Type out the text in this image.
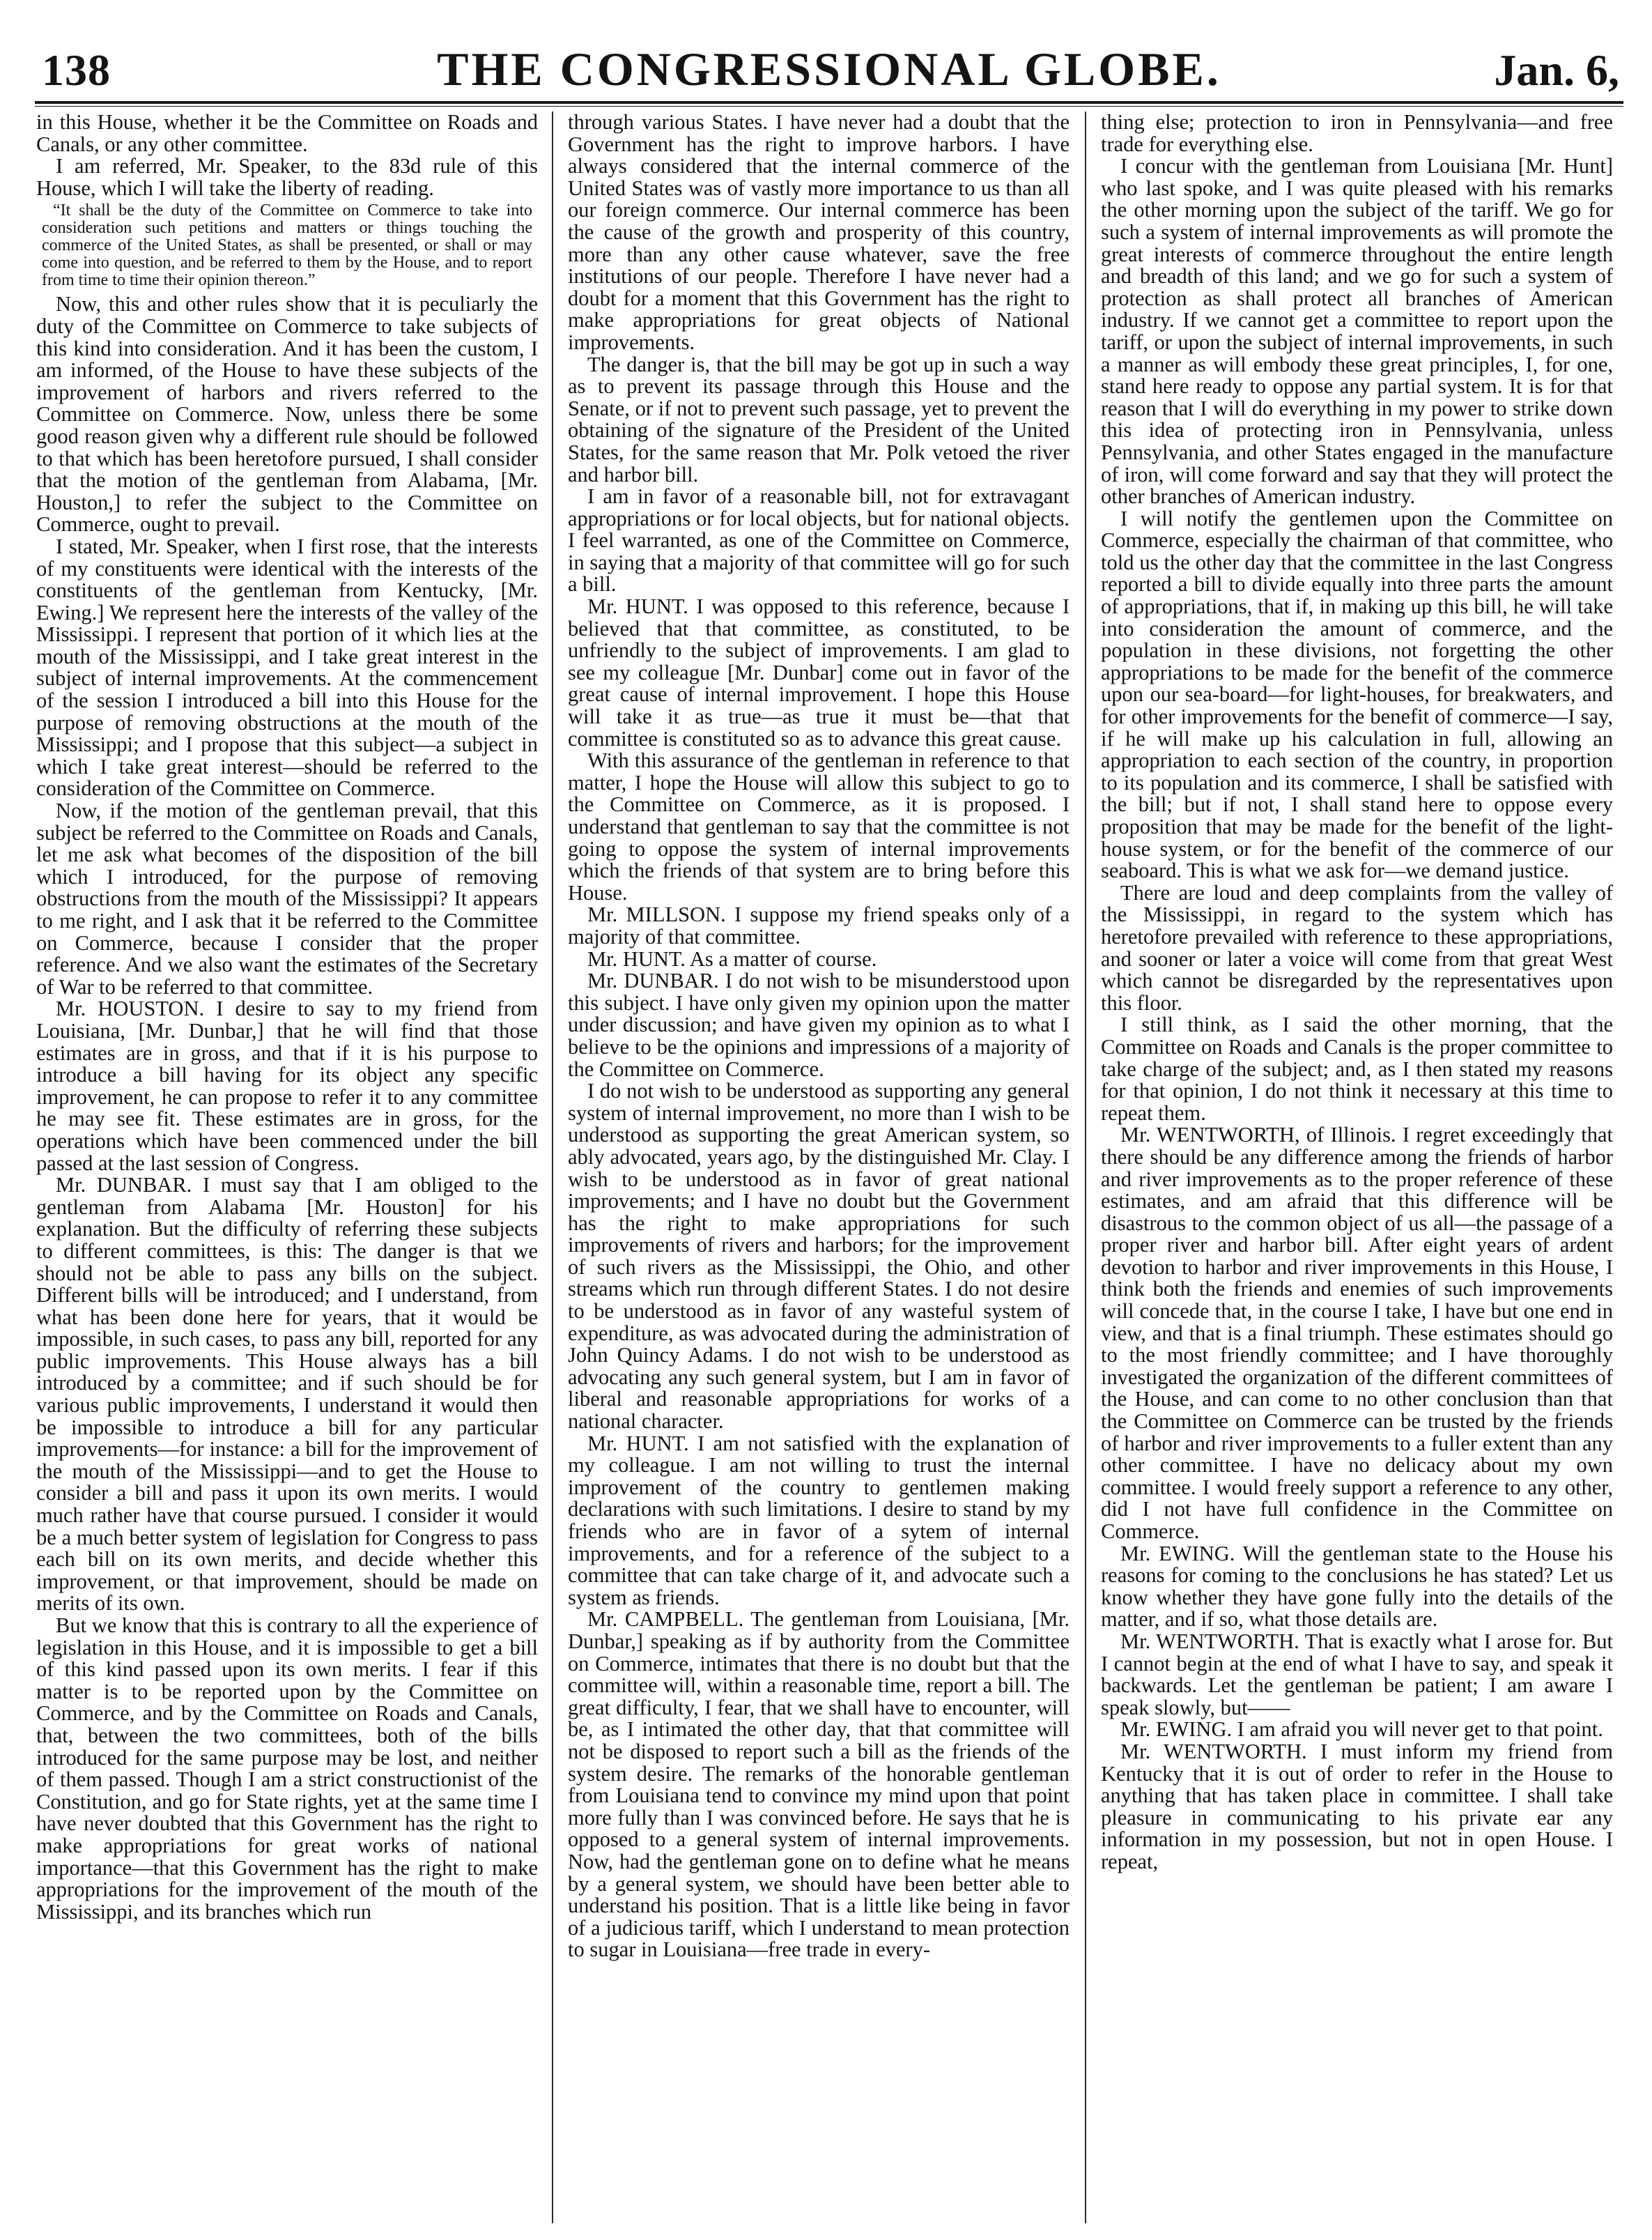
138	THE CONGRESSIONAL GLOBE.	Jan. 6,

in this House, whether it be the Committee on Roads and Canals, or any other committee.

I am referred, Mr. Speaker, to the 83d rule of this House, which I will take the liberty of reading.

“It shall be the duty of the Committee on Commerce to take into consideration such petitions and matters or things touching the commerce of the United States, as shall be presented, or shall or may come into question, and be referred to them by the House, and to report from time to time their opinion thereon.”

Now, this and other rules show that it is peculiarly the duty of the Committee on Commerce to take subjects of this kind into consideration. And it has been the custom, I am informed, of the House to have these subjects of the improvement of harbors and rivers referred to the Committee on Commerce. Now, unless there be some good reason given why a different rule should be followed to that which has been heretofore pursued, I shall consider that the motion of the gentleman from Alabama, [Mr. Houston,] to refer the subject to the Committee on Commerce, ought to prevail.

I stated, Mr. Speaker, when I first rose, that the interests of my constituents were identical with the interests of the constituents of the gentleman from Kentucky, [Mr. Ewing.] We represent here the interests of the valley of the Mississippi. I represent that portion of it which lies at the mouth of the Mississippi, and I take great interest in the subject of internal improvements. At the commencement of the session I introduced a bill into this House for the purpose of removing obstructions at the mouth of the Mississippi; and I propose that this subject—a subject in which I take great interest—should be referred to the consideration of the Committee on Commerce.

Now, if the motion of the gentleman prevail, that this subject be referred to the Committee on Roads and Canals, let me ask what becomes of the disposition of the bill which I introduced, for the purpose of removing obstructions from the mouth of the Mississippi? It appears to me right, and I ask that it be referred to the Committee on Commerce, because I consider that the proper reference. And we also want the estimates of the Secretary of War to be referred to that committee.

Mr. HOUSTON. I desire to say to my friend from Louisiana, [Mr. Dunbar,] that he will find that those estimates are in gross, and that if it is his purpose to introduce a bill having for its object any specific improvement, he can propose to refer it to any committee he may see fit. These estimates are in gross, for the operations which have been commenced under the bill passed at the last session of Congress.

Mr. DUNBAR. I must say that I am obliged to the gentleman from Alabama [Mr. Houston] for his explanation. But the difficulty of referring these subjects to different committees, is this: The danger is that we should not be able to pass any bills on the subject. Different bills will be introduced; and I understand, from what has been done here for years, that it would be impossible, in such cases, to pass any bill, reported for any public improvements. This House always has a bill introduced by a committee; and if such should be for various public improvements, I understand it would then be impossible to introduce a bill for any particular improvements—for instance: a bill for the improvement of the mouth of the Mississippi—and to get the House to consider a bill and pass it upon its own merits. I would much rather have that course pursued. I consider it would be a much better system of legislation for Congress to pass each bill on its own merits, and decide whether this improvement, or that improvement, should be made on merits of its own.

But we know that this is contrary to all the experience of legislation in this House, and it is impossible to get a bill of this kind passed upon its own merits. I fear if this matter is to be reported upon by the Committee on Commerce, and by the Committee on Roads and Canals, that, between the two committees, both of the bills introduced for the same purpose may be lost, and neither of them passed. Though I am a strict constructionist of the Constitution, and go for State rights, yet at the same time I have never doubted that this Government has the right to make appropriations for great works of national importance—that this Government has the right to make appropriations for the improvement of the mouth of the Mississippi, and its branches which run

through various States. I have never had a doubt that the Government has the right to improve harbors. I have always considered that the internal commerce of the United States was of vastly more importance to us than all our foreign commerce. Our internal commerce has been the cause of the growth and prosperity of this country, more than any other cause whatever, save the free institutions of our people. Therefore I have never had a doubt for a moment that this Government has the right to make appropriations for great objects of National improvements.

The danger is, that the bill may be got up in such a way as to prevent its passage through this House and the Senate, or if not to prevent such passage, yet to prevent the obtaining of the signature of the President of the United States, for the same reason that Mr. Polk vetoed the river and harbor bill.

I am in favor of a reasonable bill, not for extravagant appropriations or for local objects, but for national objects. I feel warranted, as one of the Committee on Commerce, in saying that a majority of that committee will go for such a bill.

Mr. HUNT. I was opposed to this reference, because I believed that that committee, as constituted, to be unfriendly to the subject of improvements. I am glad to see my colleague [Mr. Dunbar] come out in favor of the great cause of internal improvement. I hope this House will take it as true—as true it must be—that that committee is constituted so as to advance this great cause.

With this assurance of the gentleman in reference to that matter, I hope the House will allow this subject to go to the Committee on Commerce, as it is proposed. I understand that gentleman to say that the committee is not going to oppose the system of internal improvements which the friends of that system are to bring before this House.

Mr. MILLSON. I suppose my friend speaks only of a majority of that committee.

Mr. HUNT. As a matter of course.

Mr. DUNBAR. I do not wish to be misunderstood upon this subject. I have only given my opinion upon the matter under discussion; and have given my opinion as to what I believe to be the opinions and impressions of a majority of the Committee on Commerce.

I do not wish to be understood as supporting any general system of internal improvement, no more than I wish to be understood as supporting the great American system, so ably advocated, years ago, by the distinguished Mr. Clay. I wish to be understood as in favor of great national improvements; and I have no doubt but the Government has the right to make appropriations for such improvements of rivers and harbors; for the improvement of such rivers as the Mississippi, the Ohio, and other streams which run through different States. I do not desire to be understood as in favor of any wasteful system of expenditure, as was advocated during the administration of John Quincy Adams. I do not wish to be understood as advocating any such general system, but I am in favor of liberal and reasonable appropriations for works of a national character.

Mr. HUNT. I am not satisfied with the explanation of my colleague. I am not willing to trust the internal improvement of the country to gentlemen making declarations with such limitations. I desire to stand by my friends who are in favor of a sytem of internal improvements, and for a reference of the subject to a committee that can take charge of it, and advocate such a system as friends.

Mr. CAMPBELL. The gentleman from Louisiana, [Mr. Dunbar,] speaking as if by authority from the Committee on Commerce, intimates that there is no doubt but that the committee will, within a reasonable time, report a bill. The great difficulty, I fear, that we shall have to encounter, will be, as I intimated the other day, that that committee will not be disposed to report such a bill as the friends of the system desire. The remarks of the honorable gentleman from Louisiana tend to convince my mind upon that point more fully than I was convinced before. He says that he is opposed to a general system of internal improvements. Now, had the gentleman gone on to define what he means by a general system, we should have been better able to understand his position. That is a little like being in favor of a judicious tariff, which I understand to mean protection to sugar in Louisiana—free trade in every-

thing else; protection to iron in Pennsylvania—and free trade for everything else.

I concur with the gentleman from Louisiana [Mr. Hunt] who last spoke, and I was quite pleased with his remarks the other morning upon the subject of the tariff. We go for such a system of internal improvements as will promote the great interests of commerce throughout the entire length and breadth of this land; and we go for such a system of protection as shall protect all branches of American industry. If we cannot get a committee to report upon the tariff, or upon the subject of internal improvements, in such a manner as will embody these great principles, I, for one, stand here ready to oppose any partial system. It is for that reason that I will do everything in my power to strike down this idea of protecting iron in Pennsylvania, unless Pennsylvania, and other States engaged in the manufacture of iron, will come forward and say that they will protect the other branches of American industry.

I will notify the gentlemen upon the Committee on Commerce, especially the chairman of that committee, who told us the other day that the committee in the last Congress reported a bill to divide equally into three parts the amount of appropriations, that if, in making up this bill, he will take into consideration the amount of commerce, and the population in these divisions, not forgetting the other appropriations to be made for the benefit of the commerce upon our sea-board—for light-houses, for breakwaters, and for other improvements for the benefit of commerce—I say, if he will make up his calculation in full, allowing an appropriation to each section of the country, in proportion to its population and its commerce, I shall be satisfied with the bill; but if not, I shall stand here to oppose every proposition that may be made for the benefit of the light-house system, or for the benefit of the commerce of our seaboard. This is what we ask for—we demand justice.

There are loud and deep complaints from the valley of the Mississippi, in regard to the system which has heretofore prevailed with reference to these appropriations, and sooner or later a voice will come from that great West which cannot be disregarded by the representatives upon this floor.

I still think, as I said the other morning, that the Committee on Roads and Canals is the proper committee to take charge of the subject; and, as I then stated my reasons for that opinion, I do not think it necessary at this time to repeat them.

Mr. WENTWORTH, of Illinois. I regret exceedingly that there should be any difference among the friends of harbor and river improvements as to the proper reference of these estimates, and am afraid that this difference will be disastrous to the common object of us all—the passage of a proper river and harbor bill. After eight years of ardent devotion to harbor and river improvements in this House, I think both the friends and enemies of such improvements will concede that, in the course I take, I have but one end in view, and that is a final triumph. These estimates should go to the most friendly committee; and I have thoroughly investigated the organization of the different committees of the House, and can come to no other conclusion than that the Committee on Commerce can be trusted by the friends of harbor and river improvements to a fuller extent than any other committee. I have no delicacy about my own committee. I would freely support a reference to any other, did I not have full confidence in the Committee on Commerce.

Mr. EWING. Will the gentleman state to the House his reasons for coming to the conclusions he has stated? Let us know whether they have gone fully into the details of the matter, and if so, what those details are.

Mr. WENTWORTH. That is exactly what I arose for. But I cannot begin at the end of what I have to say, and speak it backwards. Let the gentleman be patient; I am aware I speak slowly, but——

Mr. EWING. I am afraid you will never get to that point.

Mr. WENTWORTH. I must inform my friend from Kentucky that it is out of order to refer in the House to anything that has taken place in committee. I shall take pleasure in communicating to his private ear any information in my possession, but not in open House. I repeat,
